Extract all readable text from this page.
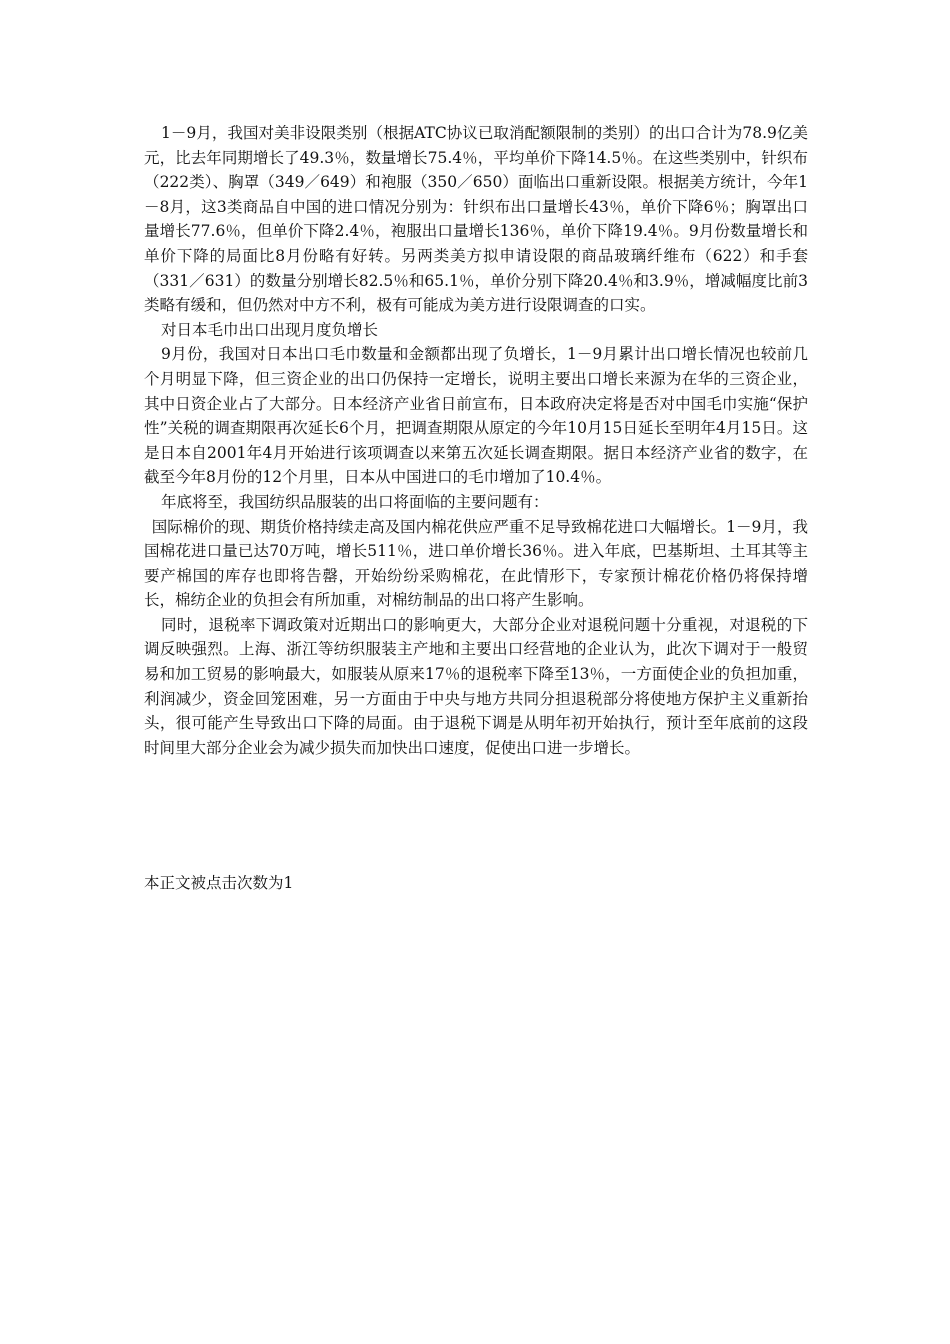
1－9月，我国对美非设限类别（根据ATC协议已取消配额限制的类别）的出口合计为78.9亿美元，比去年同期增长了49.3％，数量增长75.4％，平均单价下降14.5％。在这些类别中，针织布（222类）、胸罩（349／649）和袍服（350／650）面临出口重新设限。根据美方统计，今年1－8月，这3类商品自中国的进口情况分别为：针织布出口量增长43％，单价下降6％；胸罩出口量增长77.6％，但单价下降2.4％，袍服出口量增长136％，单价下降19.4％。9月份数量增长和单价下降的局面比8月份略有好转。另两类美方拟申请设限的商品玻璃纤维布（622）和手套（331／631）的数量分别增长82.5％和65.1％，单价分别下降20.4％和3.9％，增减幅度比前3类略有缓和，但仍然对中方不利，极有可能成为美方进行设限调查的口实。

对日本毛巾出口出现月度负增长

9月份，我国对日本出口毛巾数量和金额都出现了负增长，1－9月累计出口增长情况也较前几个月明显下降，但三资企业的出口仍保持一定增长，说明主要出口增长来源为在华的三资企业，其中日资企业占了大部分。日本经济产业省日前宣布，日本政府决定将是否对中国毛巾实施“保护性”关税的调查期限再次延长6个月，把调查期限从原定的今年10月15日延长至明年4月15日。这是日本自2001年4月开始进行该项调查以来第五次延长调查期限。据日本经济产业省的数字，在截至今年8月份的12个月里，日本从中国进口的毛巾增加了10.4％。

年底将至，我国纺织品服装的出口将面临的主要问题有：

国际棉价的现、期货价格持续走高及国内棉花供应严重不足导致棉花进口大幅增长。1－9月，我国棉花进口量已达70万吨，增长511％，进口单价增长36％。进入年底，巴基斯坦、土耳其等主要产棉国的库存也即将告罄，开始纷纷采购棉花，在此情形下，专家预计棉花价格仍将保持增长，棉纺企业的负担会有所加重，对棉纺制品的出口将产生影响。

同时，退税率下调政策对近期出口的影响更大，大部分企业对退税问题十分重视，对退税的下调反映强烈。上海、浙江等纺织服装主产地和主要出口经营地的企业认为，此次下调对于一般贸易和加工贸易的影响最大，如服装从原来17％的退税率下降至13％，一方面使企业的负担加重，利润减少，资金回笼困难，另一方面由于中央与地方共同分担退税部分将使地方保护主义重新抬头，很可能产生导致出口下降的局面。由于退税下调是从明年初开始执行，预计至年底前的这段时间里大部分企业会为减少损失而加快出口速度，促使出口进一步增长。

本正文被点击次数为1
